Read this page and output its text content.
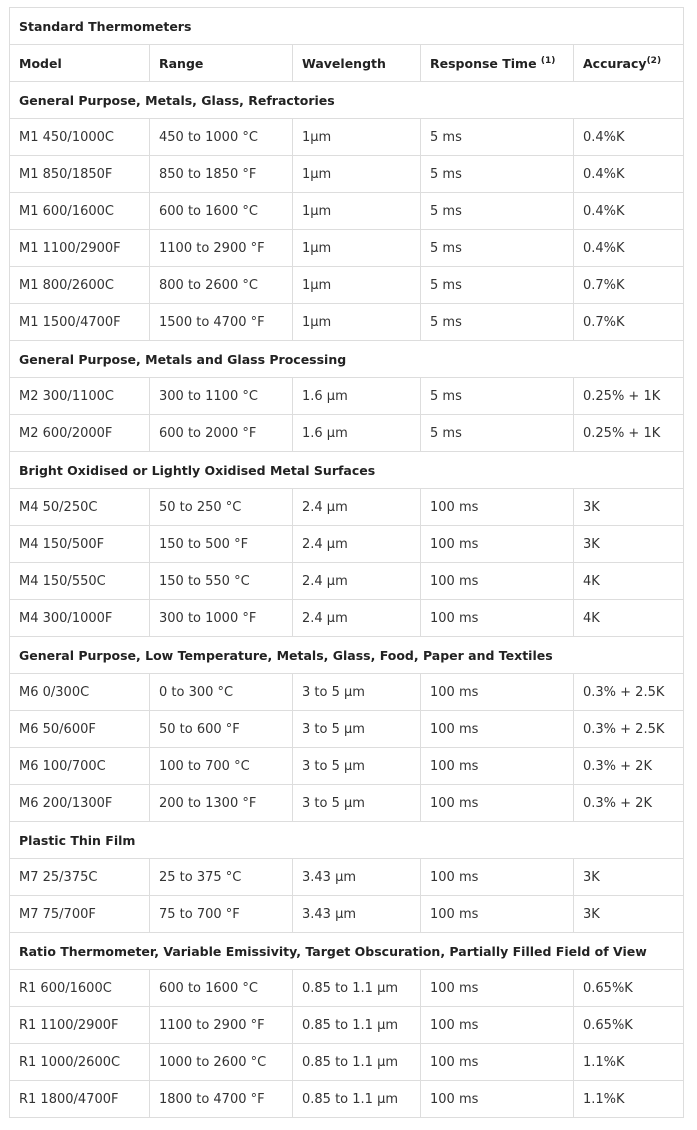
Standard Thermometers				
Model	Range	Wavelength	Response Time $^{(1)}$	Accuracy$^{(2)}$
General Purpose, Metals, Glass, Refractories				
M1 450/1000C	450 to 1000 °C	1µm	5 ms	0.4%K
M1 850/1850F	850 to 1850 °F	1µm	5 ms	0.4%K
M1 600/1600C	600 to 1600 °C	1µm	5 ms	0.4%K
M1 1100/2900F	1100 to 2900 °F	1µm	5 ms	0.4%K
M1 800/2600C	800 to 2600 °C	1µm	5 ms	0.7%K
M1 1500/4700F	1500 to 4700 °F	1µm	5 ms	0.7%K
General Purpose, Metals and Glass Processing				
M2 300/1100C	300 to 1100 °C	1.6 µm	5 ms	0.25% + 1K
M2 600/2000F	600 to 2000 °F	1.6 µm	5 ms	0.25% + 1K
Bright Oxidised or Lightly Oxidised Metal Surfaces				
M4 50/250C	50 to 250 °C	2.4 µm	100 ms	3K
M4 150/500F	150 to 500 °F	2.4 µm	100 ms	3K
M4 150/550C	150 to 550 °C	2.4 µm	100 ms	4K
M4 300/1000F	300 to 1000 °F	2.4 µm	100 ms	4K
General Purpose, Low Temperature, Metals, Glass, Food, Paper and Textiles				
M6 0/300C	0 to 300 °C	3 to 5 µm	100 ms	0.3% + 2.5K
M6 50/600F	50 to 600 °F	3 to 5 µm	100 ms	0.3% + 2.5K
M6 100/700C	100 to 700 °C	3 to 5 µm	100 ms	0.3% + 2K
M6 200/1300F	200 to 1300 °F	3 to 5 µm	100 ms	0.3% + 2K
Plastic Thin Film				
M7 25/375C	25 to 375 °C	3.43 µm	100 ms	3K
M7 75/700F	75 to 700 °F	3.43 µm	100 ms	3K
Ratio Thermometer, Variable Emissivity, Target Obscuration, Partially Filled Field of View				
R1 600/1600C	600 to 1600 °C	0.85 to 1.1 µm	100 ms	0.65%K
R1 1100/2900F	1100 to 2900 °F	0.85 to 1.1 µm	100 ms	0.65%K
R1 1000/2600C	1000 to 2600 °C	0.85 to 1.1 µm	100 ms	1.1%K
R1 1800/4700F	1800 to 4700 °F	0.85 to 1.1 µm	100 ms	1.1%K
